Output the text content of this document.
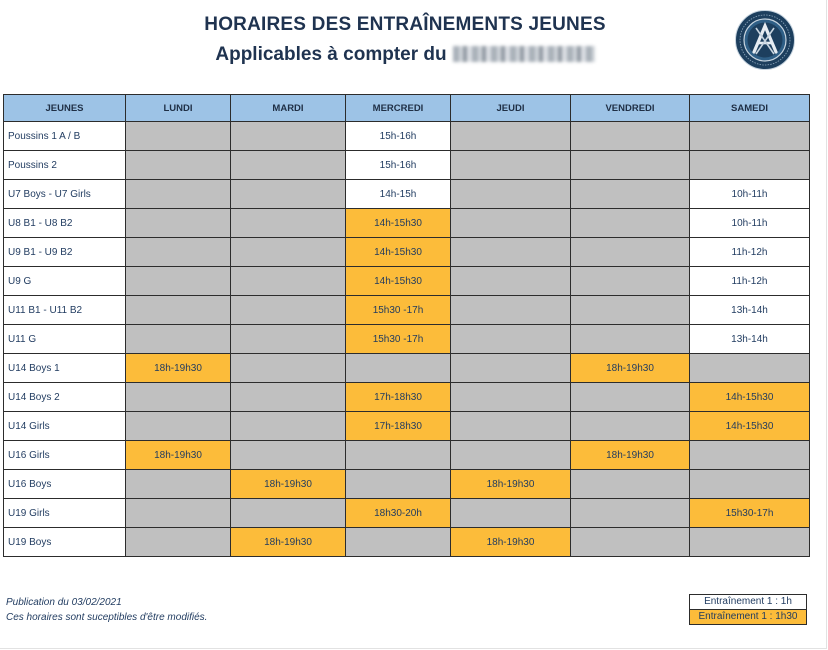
HORAIRES DES ENTRAÎNEMENTS JEUNES
Applicables à compter du
JEUNES	LUNDI	MARDI	MERCREDI	JEUDI	VENDREDI	SAMEDI
Poussins 1 A / B			15h-16h			
Poussins 2			15h-16h			
U7 Boys - U7 Girls			14h-15h			10h-11h
U8 B1 - U8 B2			14h-15h30			10h-11h
U9 B1 - U9 B2			14h-15h30			11h-12h
U9 G			14h-15h30			11h-12h
U11 B1 - U11 B2			15h30 -17h			13h-14h
U11 G			15h30 -17h			13h-14h
U14 Boys 1	18h-19h30				18h-19h30	
U14 Boys 2			17h-18h30			14h-15h30
U14 Girls			17h-18h30			14h-15h30
U16 Girls	18h-19h30				18h-19h30	
U16 Boys		18h-19h30		18h-19h30		
U19 Girls			18h30-20h			15h30-17h
U19 Boys		18h-19h30		18h-19h30		
Publication du 03/02/2021
Ces horaires sont suceptibles d'être modifiés.
Entraînement 1 : 1h
Entraînement 1 : 1h30
